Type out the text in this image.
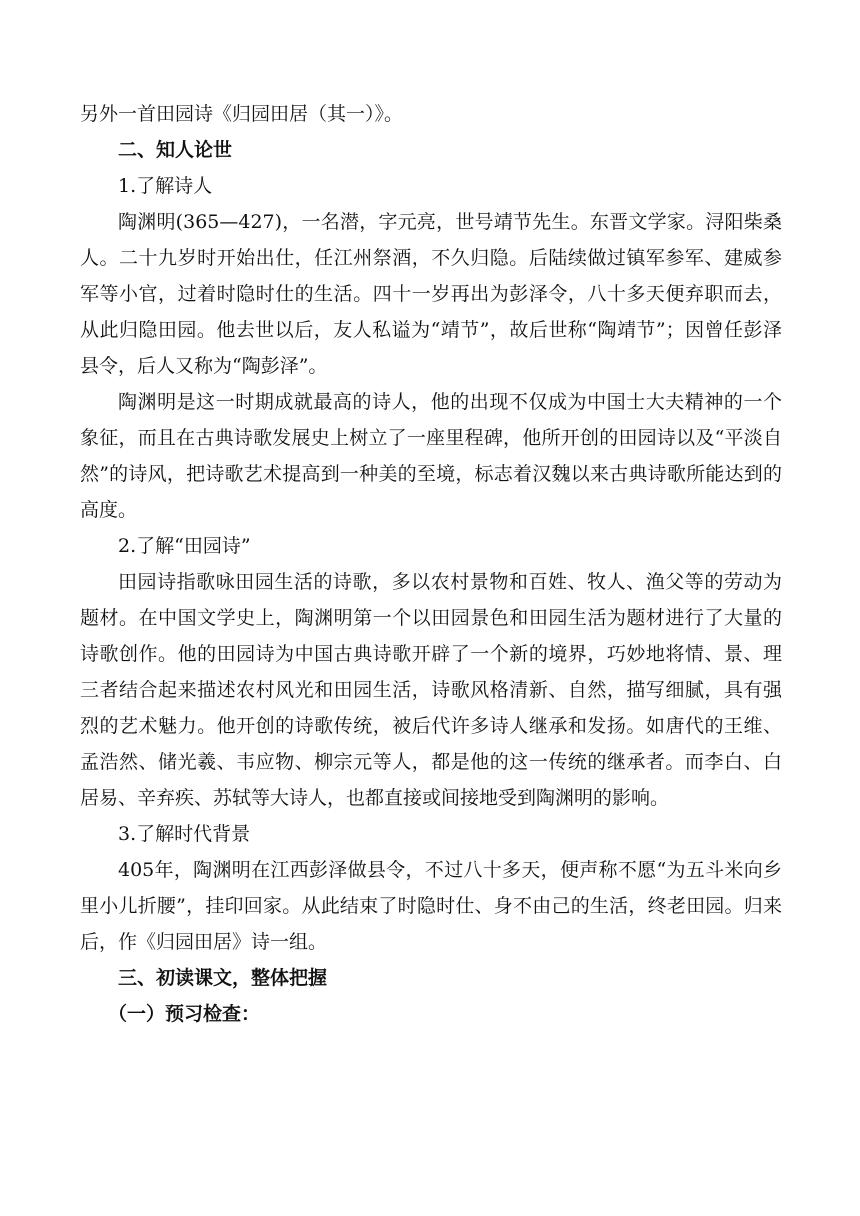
另外一首田园诗《归园田居（其一）》。

二、知人论世

1.了解诗人

陶渊明(365—427)，一名潜，字元亮，世号靖节先生。东晋文学家。浔阳柴桑人。二十九岁时开始出仕，任江州祭酒，不久归隐。后陆续做过镇军参军、建威参军等小官，过着时隐时仕的生活。四十一岁再出为彭泽令，八十多天便弃职而去，从此归隐田园。他去世以后，友人私谥为“靖节”，故后世称“陶靖节”；因曾任彭泽县令，后人又称为“陶彭泽”。

陶渊明是这一时期成就最高的诗人，他的出现不仅成为中国士大夫精神的一个象征，而且在古典诗歌发展史上树立了一座里程碑，他所开创的田园诗以及“平淡自然”的诗风，把诗歌艺术提高到一种美的至境，标志着汉魏以来古典诗歌所能达到的高度。

2.了解“田园诗”

田园诗指歌咏田园生活的诗歌，多以农村景物和百姓、牧人、渔父等的劳动为题材。在中国文学史上，陶渊明第一个以田园景色和田园生活为题材进行了大量的诗歌创作。他的田园诗为中国古典诗歌开辟了一个新的境界，巧妙地将情、景、理三者结合起来描述农村风光和田园生活，诗歌风格清新、自然，描写细腻，具有强烈的艺术魅力。他开创的诗歌传统，被后代许多诗人继承和发扬。如唐代的王维、孟浩然、储光羲、韦应物、柳宗元等人，都是他的这一传统的继承者。而李白、白居易、辛弃疾、苏轼等大诗人，也都直接或间接地受到陶渊明的影响。

3.了解时代背景

405年，陶渊明在江西彭泽做县令，不过八十多天，便声称不愿“为五斗米向乡里小儿折腰”，挂印回家。从此结束了时隐时仕、身不由己的生活，终老田园。归来后，作《归园田居》诗一组。

三、初读课文，整体把握

（一）预习检查：
